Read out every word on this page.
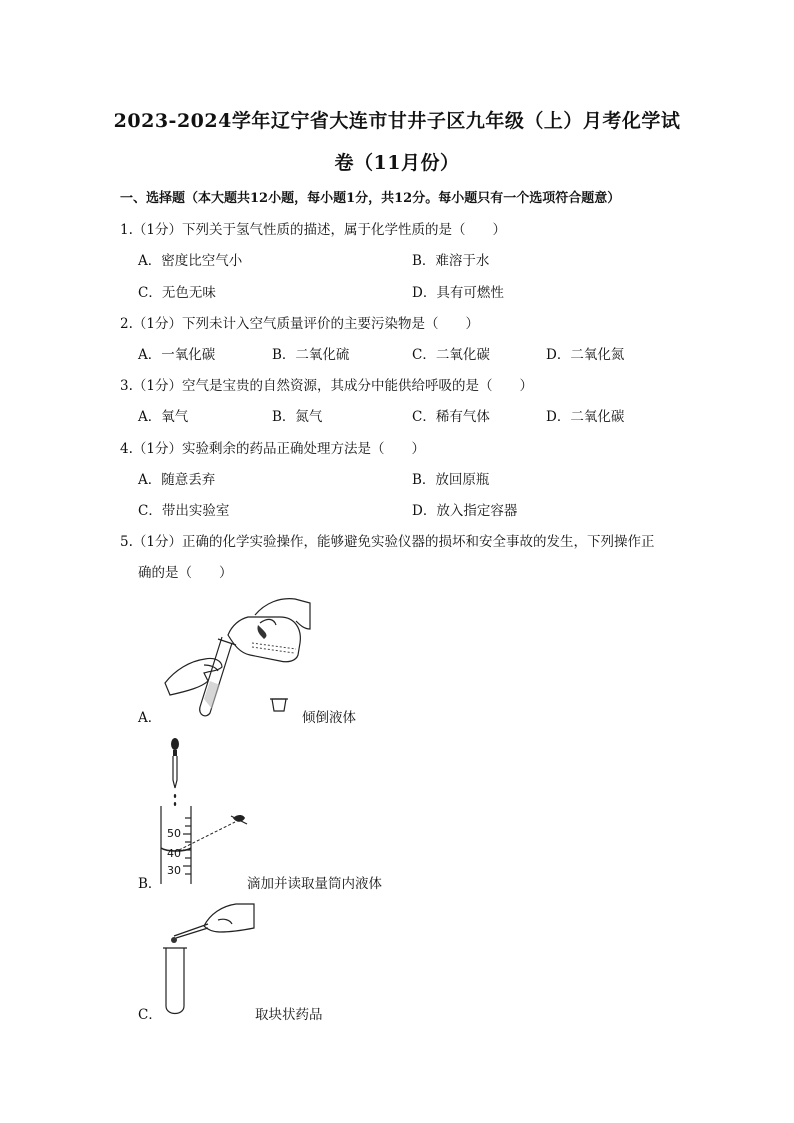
2023-2024学年辽宁省大连市甘井子区九年级（上）月考化学试
卷（11月份）
一、选择题（本大题共12小题，每小题1分，共12分。每小题只有一个选项符合题意）
1.（1分）下列关于氢气性质的描述，属于化学性质的是（　　）
A．密度比空气小	B．难溶于水
C．无色无味	D．具有可燃性
2.（1分）下列未计入空气质量评价的主要污染物是（　　）
A．一氧化碳	B．二氧化硫	C．二氧化碳	D．二氧化氮
3.（1分）空气是宝贵的自然资源，其成分中能供给呼吸的是（　　）
A．氧气	B．氮气	C．稀有气体	D．二氧化碳
4.（1分）实验剩余的药品正确处理方法是（　　）
A．随意丢弃	B．放回原瓶
C．带出实验室	D．放入指定容器
5.（1分）正确的化学实验操作，能够避免实验仪器的损坏和安全事故的发生，下列操作正
确的是（　　）
A．	倾倒液体
50
40
30
B．	滴加并读取量筒内液体
C．	取块状药品
